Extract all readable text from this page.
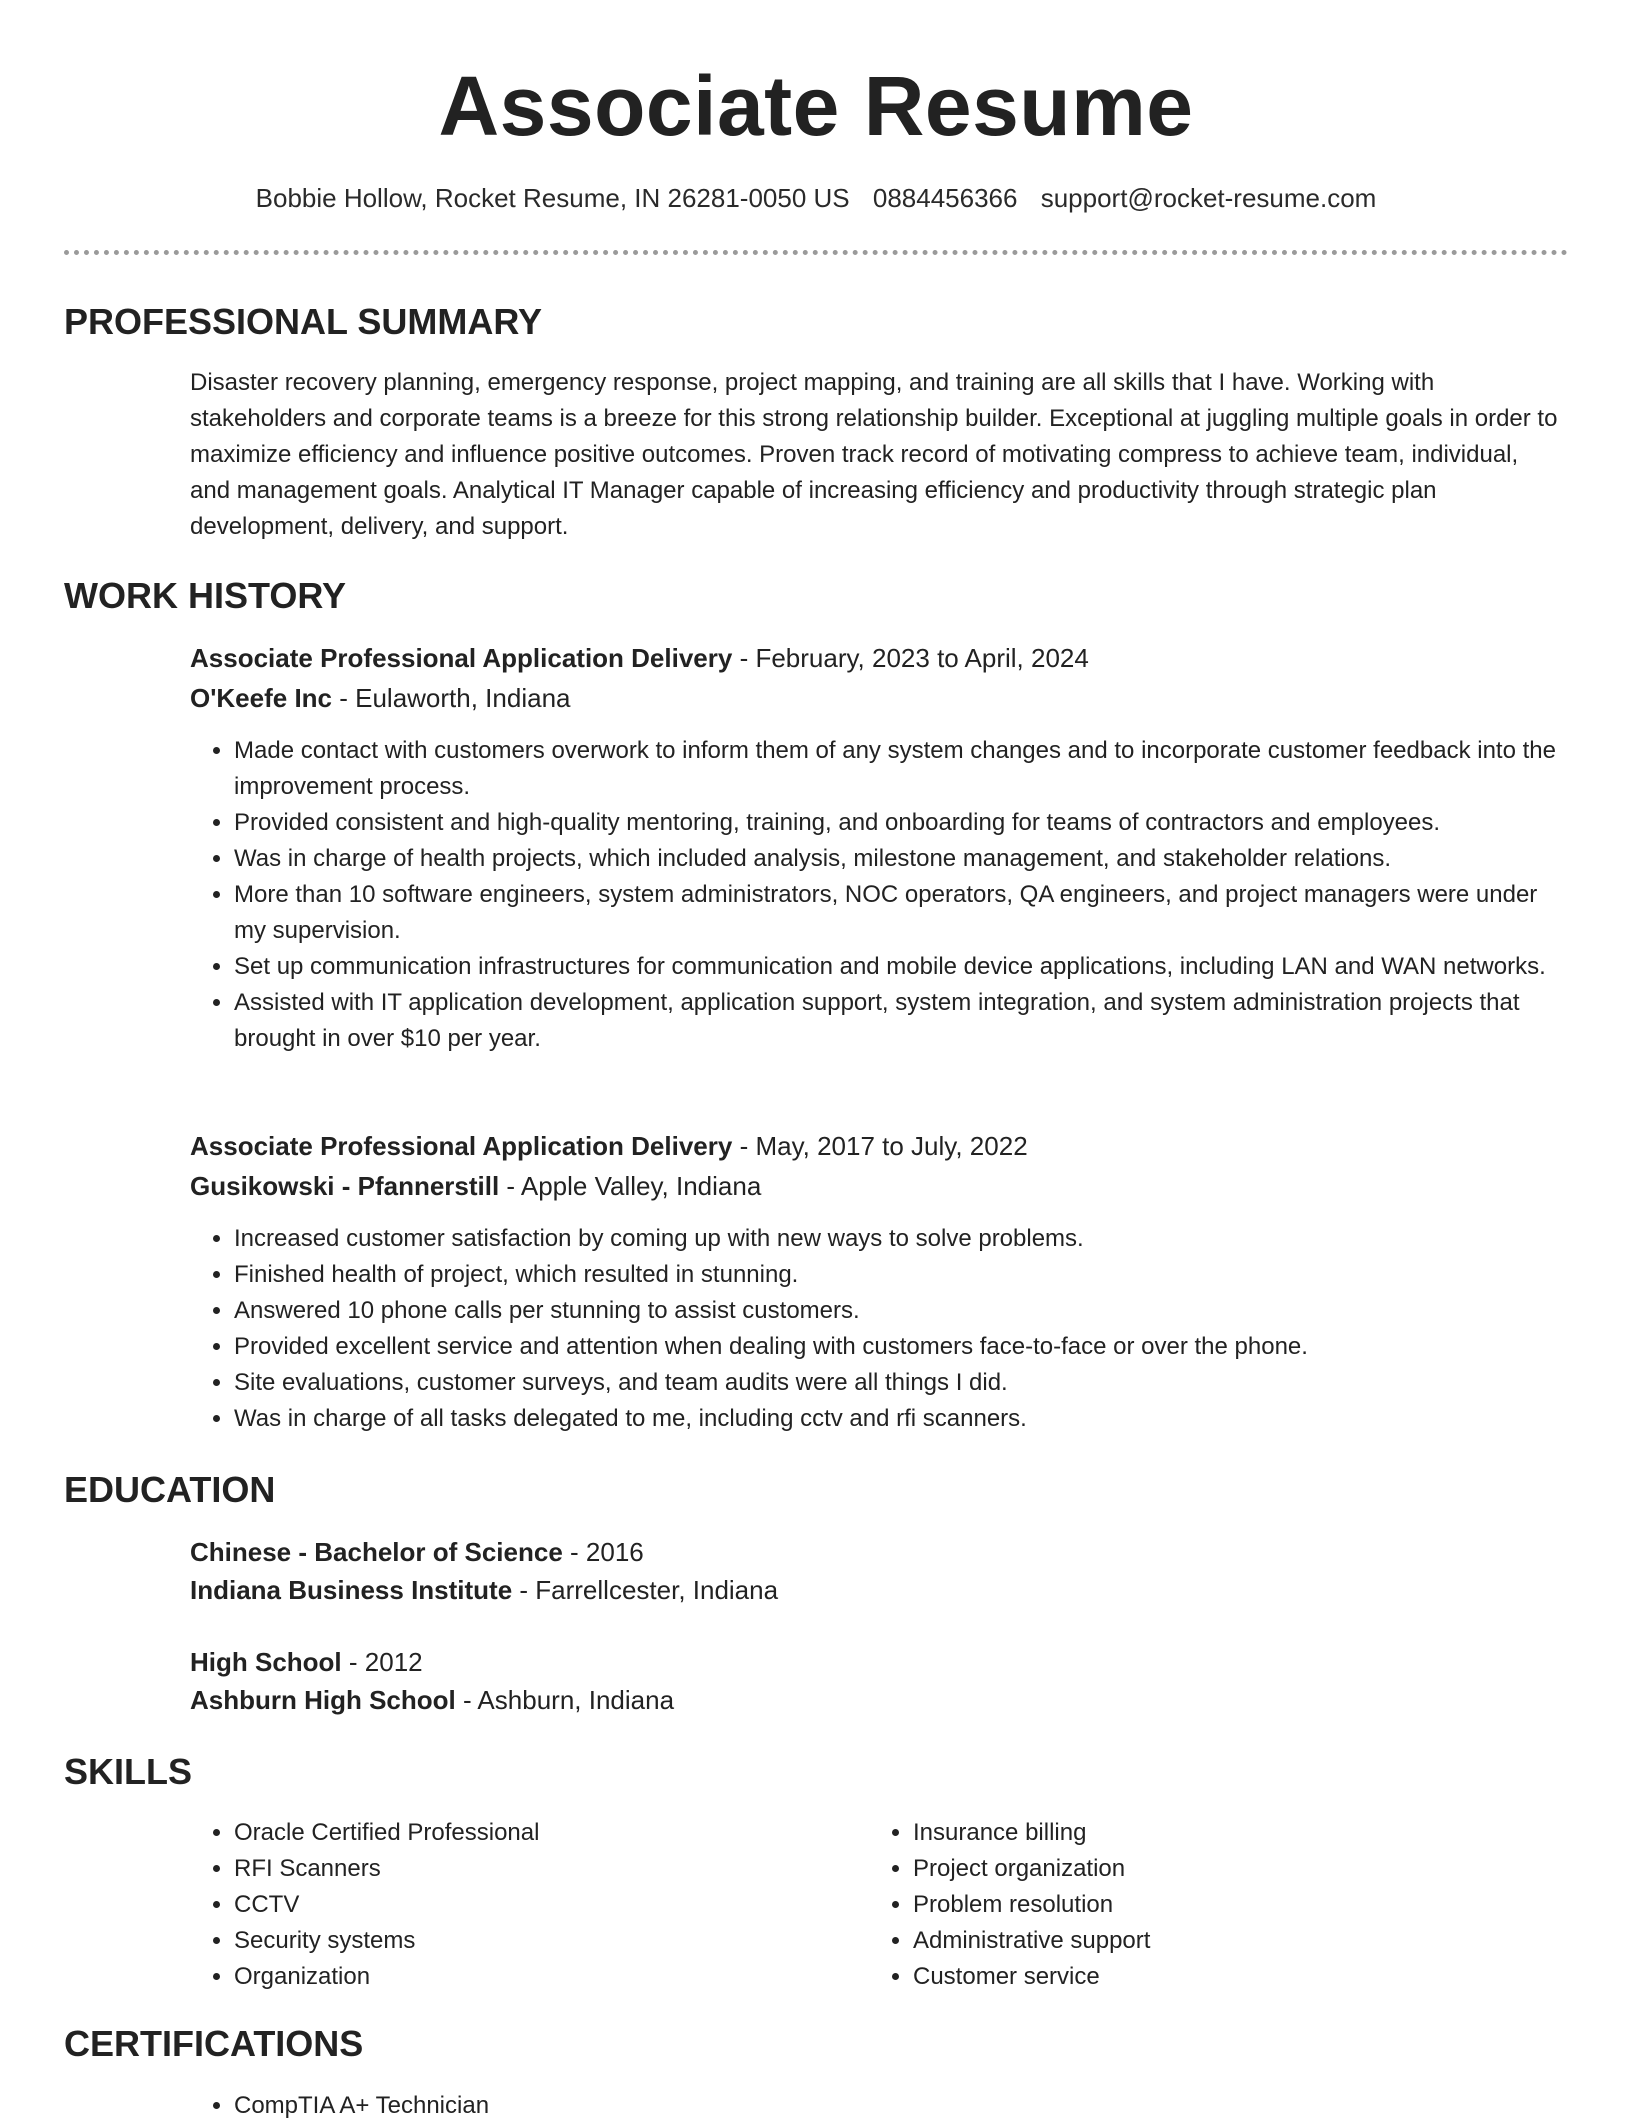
Associate Resume
Bobbie Hollow, Rocket Resume, IN 26281-0050 US 0884456366 support@rocket-resume.com
PROFESSIONAL SUMMARY
Disaster recovery planning, emergency response, project mapping, and training are all skills that I have. Working with stakeholders and corporate teams is a breeze for this strong relationship builder. Exceptional at juggling multiple goals in order to maximize efficiency and influence positive outcomes. Proven track record of motivating compress to achieve team, individual, and management goals. Analytical IT Manager capable of increasing efficiency and productivity through strategic plan development, delivery, and support.
WORK HISTORY
Associate Professional Application Delivery - February, 2023 to April, 2024
O'Keefe Inc - Eulaworth, Indiana
• Made contact with customers overwork to inform them of any system changes and to incorporate customer feedback into the improvement process.
• Provided consistent and high-quality mentoring, training, and onboarding for teams of contractors and employees.
• Was in charge of health projects, which included analysis, milestone management, and stakeholder relations.
• More than 10 software engineers, system administrators, NOC operators, QA engineers, and project managers were under my supervision.
• Set up communication infrastructures for communication and mobile device applications, including LAN and WAN networks.
• Assisted with IT application development, application support, system integration, and system administration projects that brought in over $10 per year.
Associate Professional Application Delivery - May, 2017 to July, 2022
Gusikowski - Pfannerstill - Apple Valley, Indiana
• Increased customer satisfaction by coming up with new ways to solve problems.
• Finished health of project, which resulted in stunning.
• Answered 10 phone calls per stunning to assist customers.
• Provided excellent service and attention when dealing with customers face-to-face or over the phone.
• Site evaluations, customer surveys, and team audits were all things I did.
• Was in charge of all tasks delegated to me, including cctv and rfi scanners.
EDUCATION
Chinese - Bachelor of Science - 2016
Indiana Business Institute - Farrellcester, Indiana
High School - 2012
Ashburn High School - Ashburn, Indiana
SKILLS
• Oracle Certified Professional
• RFI Scanners
• CCTV
• Security systems
• Organization
• Insurance billing
• Project organization
• Problem resolution
• Administrative support
• Customer service
CERTIFICATIONS
• CompTIA A+ Technician
